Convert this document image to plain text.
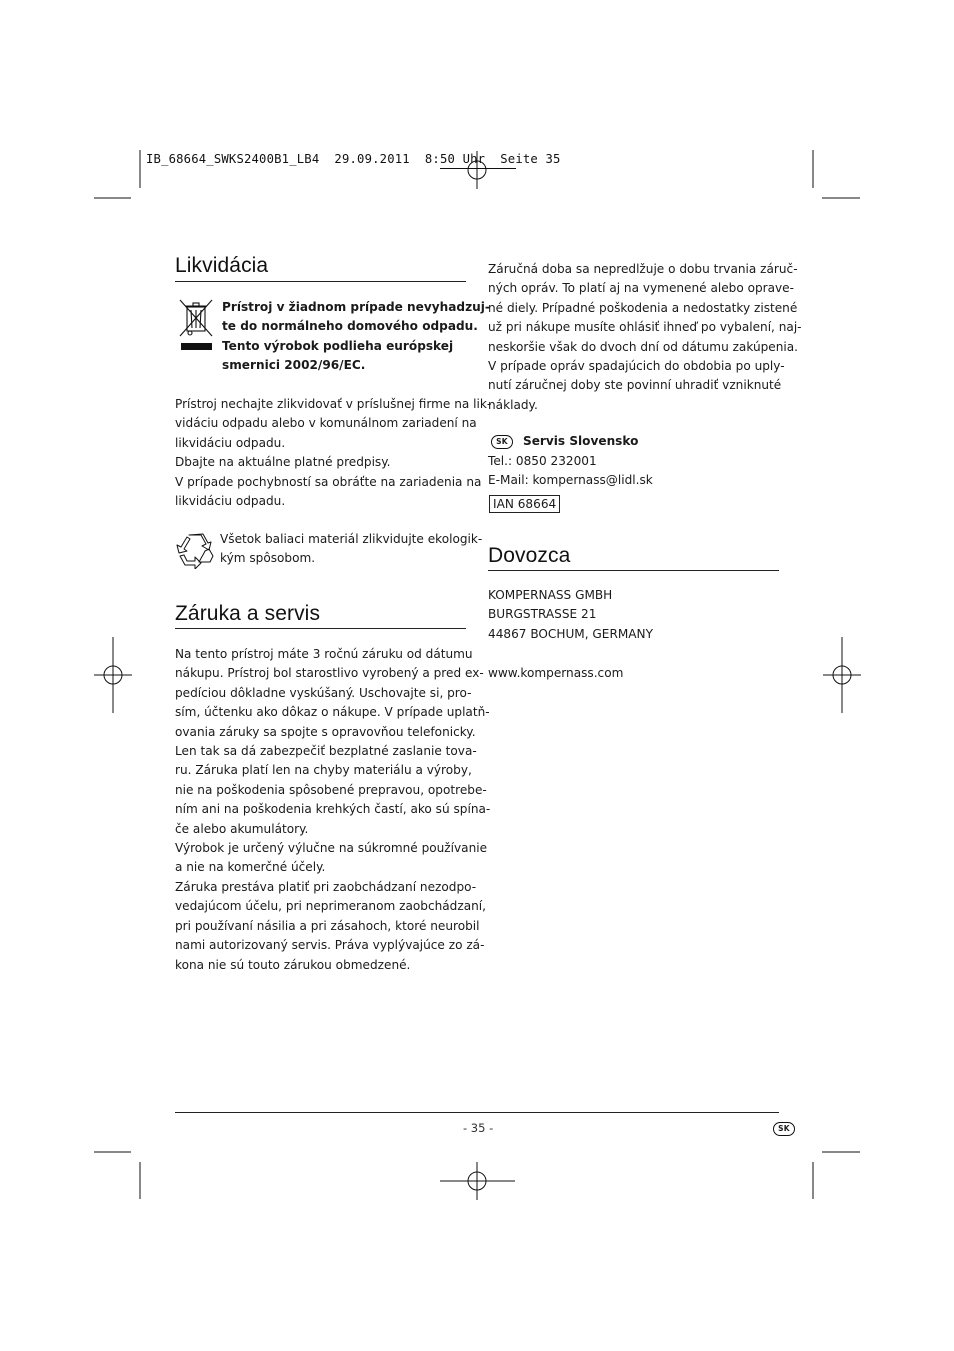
IB_68664_SWKS2400B1_LB4  29.09.2011  8:50 Uhr  Seite 35
Likvidácia
Prístroj v žiadnom prípade nevyhadzuj-
te do normálneho domového odpadu.
Tento výrobok podlieha európskej
smernici 2002/96/EC.
Prístroj nechajte zlikvidovať v príslušnej firme na lik-
vidáciu odpadu alebo v komunálnom zariadení na
likvidáciu odpadu.
Dbajte na aktuálne platné predpisy.
V prípade pochybností sa obráťte na zariadenia na
likvidáciu odpadu.
Všetok baliaci materiál zlikvidujte ekologik-
kým spôsobom.
Záruka a servis
Na tento prístroj máte 3 ročnú záruku od dátumu
nákupu. Prístroj bol starostlivo vyrobený a pred ex-
pedíciou dôkladne vyskúšaný. Uschovajte si, pro-
sím, účtenku ako dôkaz o nákupe. V prípade uplatň-
ovania záruky sa spojte s opravovňou telefonicky.
Len tak sa dá zabezpečiť bezplatné zaslanie tova-
ru. Záruka platí len na chyby materiálu a výroby,
nie na poškodenia spôsobené prepravou, opotrebe-
ním ani na poškodenia krehkých častí, ako sú spína-
če alebo akumulátory.
Výrobok je určený výlučne na súkromné používanie
a nie na komerčné účely.
Záruka prestáva platiť pri zaobchádzaní nezodpo-
vedajúcom účelu, pri neprimeranom zaobchádzaní,
pri používaní násilia a pri zásahoch, ktoré neurobil
nami autorizovaný servis. Práva vyplývajúce zo zá-
kona nie sú touto zárukou obmedzené.
Záručná doba sa nepredlžuje o dobu trvania záruč-
ných opráv. To platí aj na vymenené alebo oprave-
né diely. Prípadné poškodenia a nedostatky zistené
už pri nákupe musíte ohlásiť ihneď po vybalení, naj-
neskoršie však do dvoch dní od dátumu zakúpenia.
V prípade opráv spadajúcich do obdobia po uply-
nutí záručnej doby ste povinní uhradiť vzniknuté
náklady.
SK	Servis Slovensko
Tel.: 0850 232001
E-Mail: kompernass@lidl.sk
IAN 68664
Dovozca
KOMPERNASS GMBH
BURGSTRASSE 21
44867 BOCHUM, GERMANY
www.kompernass.com
- 35 -	SK
